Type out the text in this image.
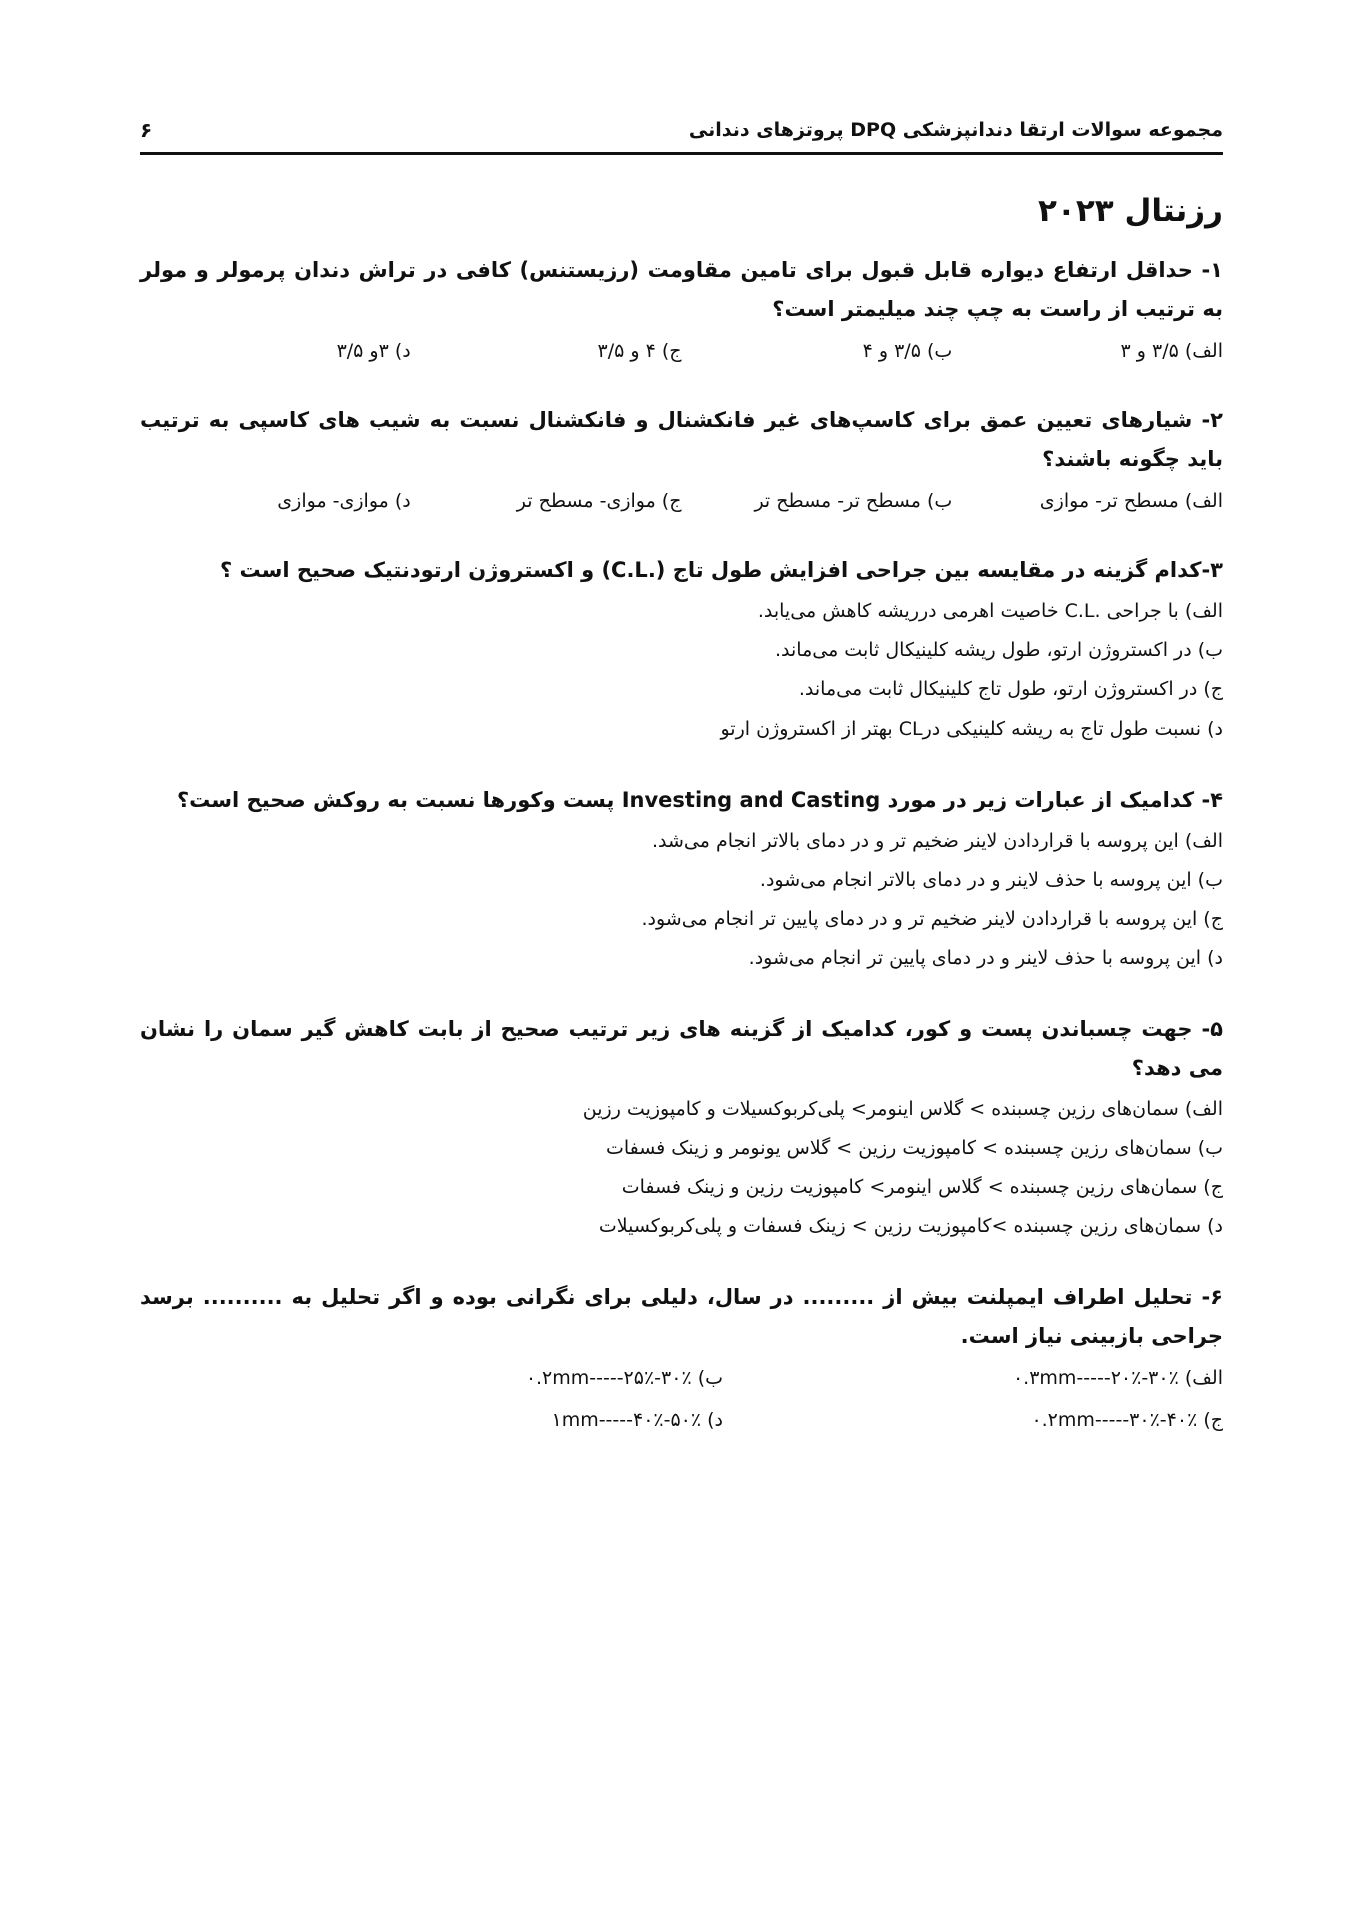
مجموعه سوالات ارتقا دندانپزشکی DPQ پروتزهای دندانی
۶
رزنتال ۲۰۲۳
۱- حداقل ارتفاع دیواره قابل قبول برای تامین مقاومت (رزیستنس) کافی در تراش دندان پرمولر و مولر به ترتیب از راست به چپ چند میلیمتر است؟
الف) ۳/۵ و ۳
ب) ۳/۵ و ۴
ج) ۴ و ۳/۵
د) ۳و ۳/۵
۲- شیارهای تعیین عمق برای کاسپ‌های غیر فانکشنال و فانکشنال نسبت به شیب های کاسپی به ترتیب باید چگونه باشند؟
الف) مسطح تر- موازی
ب) مسطح تر- مسطح تر
ج) موازی- مسطح تر
د) موازی- موازی
۳-کدام گزینه در مقایسه بین جراحی افزایش طول تاج (.C.L) و اکستروژن ارتودنتیک صحیح است ؟
الف) با جراحی .C.L خاصیت اهرمی درریشه کاهش می‌یابد.
ب) در اکستروژن ارتو، طول ریشه کلینیکال ثابت می‌ماند.
ج) در اکستروژن ارتو، طول تاج کلینیکال ثابت می‌ماند.
د) نسبت طول تاج به ریشه کلینیکی درCL بهتر از اکستروژن ارتو
۴- کدامیک از عبارات زیر در مورد Investing and Casting پست وکورها نسبت به روکش صحیح است؟
الف) این پروسه با قراردادن لاینر ضخیم تر و در دمای بالاتر انجام می‌شد.
ب) این پروسه با حذف لاینر و در دمای بالاتر انجام می‌شود.
ج) این پروسه با قراردادن لاینر ضخیم تر و در دمای پایین تر انجام می‌شود.
د) این پروسه با حذف لاینر و در دمای پایین تر انجام می‌شود.
۵- جهت چسباندن پست و کور، کدامیک از گزینه های زیر ترتیب صحیح از بابت کاهش گیر سمان را نشان می دهد؟
الف) سمان‌های رزین چسبنده > گلاس اینومر> پلی‌کربوکسیلات و کامپوزیت رزین
ب) سمان‌های رزین چسبنده > کامپوزیت رزین > گلاس یونومر و زینک فسفات
ج) سمان‌های رزین چسبنده > گلاس اینومر> کامپوزیت رزین و زینک فسفات
د) سمان‌های رزین چسبنده >کامپوزیت رزین > زینک فسفات و پلی‌کربوکسیلات
۶- تحلیل اطراف ایمپلنت بیش از ......... در سال، دلیلی برای نگرانی بوده و اگر تحلیل به .......... برسد جراحی بازبینی نیاز است.
الف) ۰.۳mm-----۲۰٪-۳۰٪
ب) ۰.۲mm-----۲۵٪-۳۰٪
ج) ۰.۲mm-----۳۰٪-۴۰٪
د) ۱mm-----۴۰٪-۵۰٪
